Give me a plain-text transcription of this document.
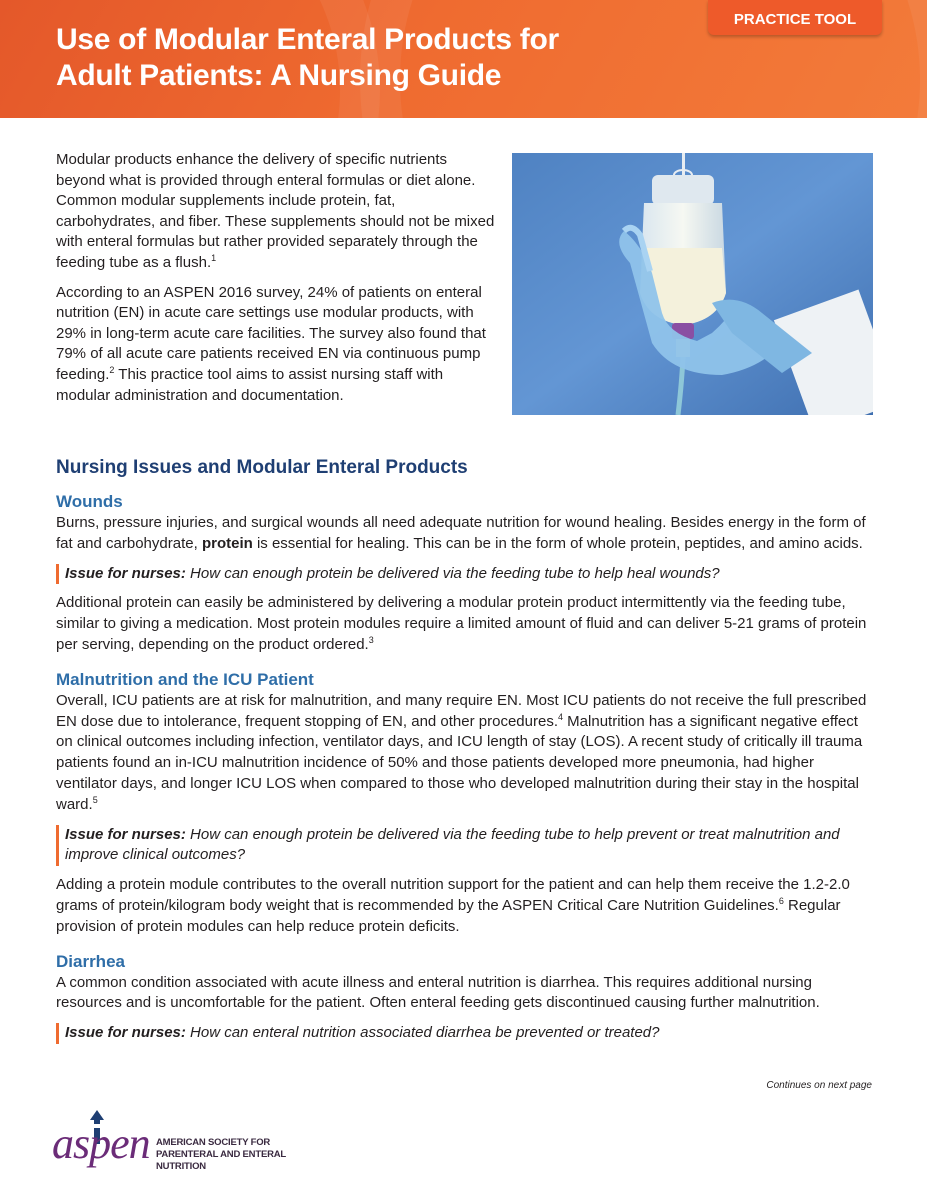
Use of Modular Enteral Products for
Adult Patients: A Nursing Guide
PRACTICE TOOL

Modular products enhance the delivery of specific nutrients beyond what is provided through enteral formulas or diet alone. Common modular supplements include protein, fat, carbohydrates, and fiber. These supplements should not be mixed with enteral formulas but rather provided separately through the feeding tube as a flush.$^1$

According to an ASPEN 2016 survey, 24% of patients on enteral nutrition (EN) in acute care settings use modular products, with 29% in long-term acute care facilities. The survey also found that 79% of all acute care patients received EN via continuous pump feeding.$^2$ This practice tool aims to assist nursing staff with modular administration and documentation.

Nursing Issues and Modular Enteral Products
Wounds

Burns, pressure injuries, and surgical wounds all need adequate nutrition for wound healing. Besides energy in the form of fat and carbohydrate, protein is essential for healing. This can be in the form of whole protein, peptides, and amino acids.

Issue for nurses: How can enough protein be delivered via the feeding tube to help heal wounds?

Additional protein can easily be administered by delivering a modular protein product intermittently via the feeding tube, similar to giving a medication. Most protein modules require a limited amount of fluid and can deliver 5-21 grams of protein per serving, depending on the product ordered.$^3$

Malnutrition and the ICU Patient

Overall, ICU patients are at risk for malnutrition, and many require EN. Most ICU patients do not receive the full prescribed EN dose due to intolerance, frequent stopping of EN, and other procedures.$^4$ Malnutrition has a significant negative effect on clinical outcomes including infection, ventilator days, and ICU length of stay (LOS). A recent study of critically ill trauma patients found an in-ICU malnutrition incidence of 50% and those patients developed more pneumonia, had higher ventilator days, and longer ICU LOS when compared to those who developed malnutrition during their stay in the hospital ward.$^5$

Issue for nurses: How can enough protein be delivered via the feeding tube to help prevent or treat malnutrition and improve clinical outcomes?

Adding a protein module contributes to the overall nutrition support for the patient and can help them receive the 1.2-2.0 grams of protein/kilogram body weight that is recommended by the ASPEN Critical Care Nutrition Guidelines.$^6$ Regular provision of protein modules can help reduce protein deficits.

Diarrhea

A common condition associated with acute illness and enteral nutrition is diarrhea. This requires additional nursing resources and is uncomfortable for the patient. Often enteral feeding gets discontinued causing further malnutrition.

Issue for nurses: How can enteral nutrition associated diarrhea be prevented or treated?

Continues on next page
aspen AMERICAN SOCIETY FOR
PARENTERAL AND ENTERAL NUTRITION
